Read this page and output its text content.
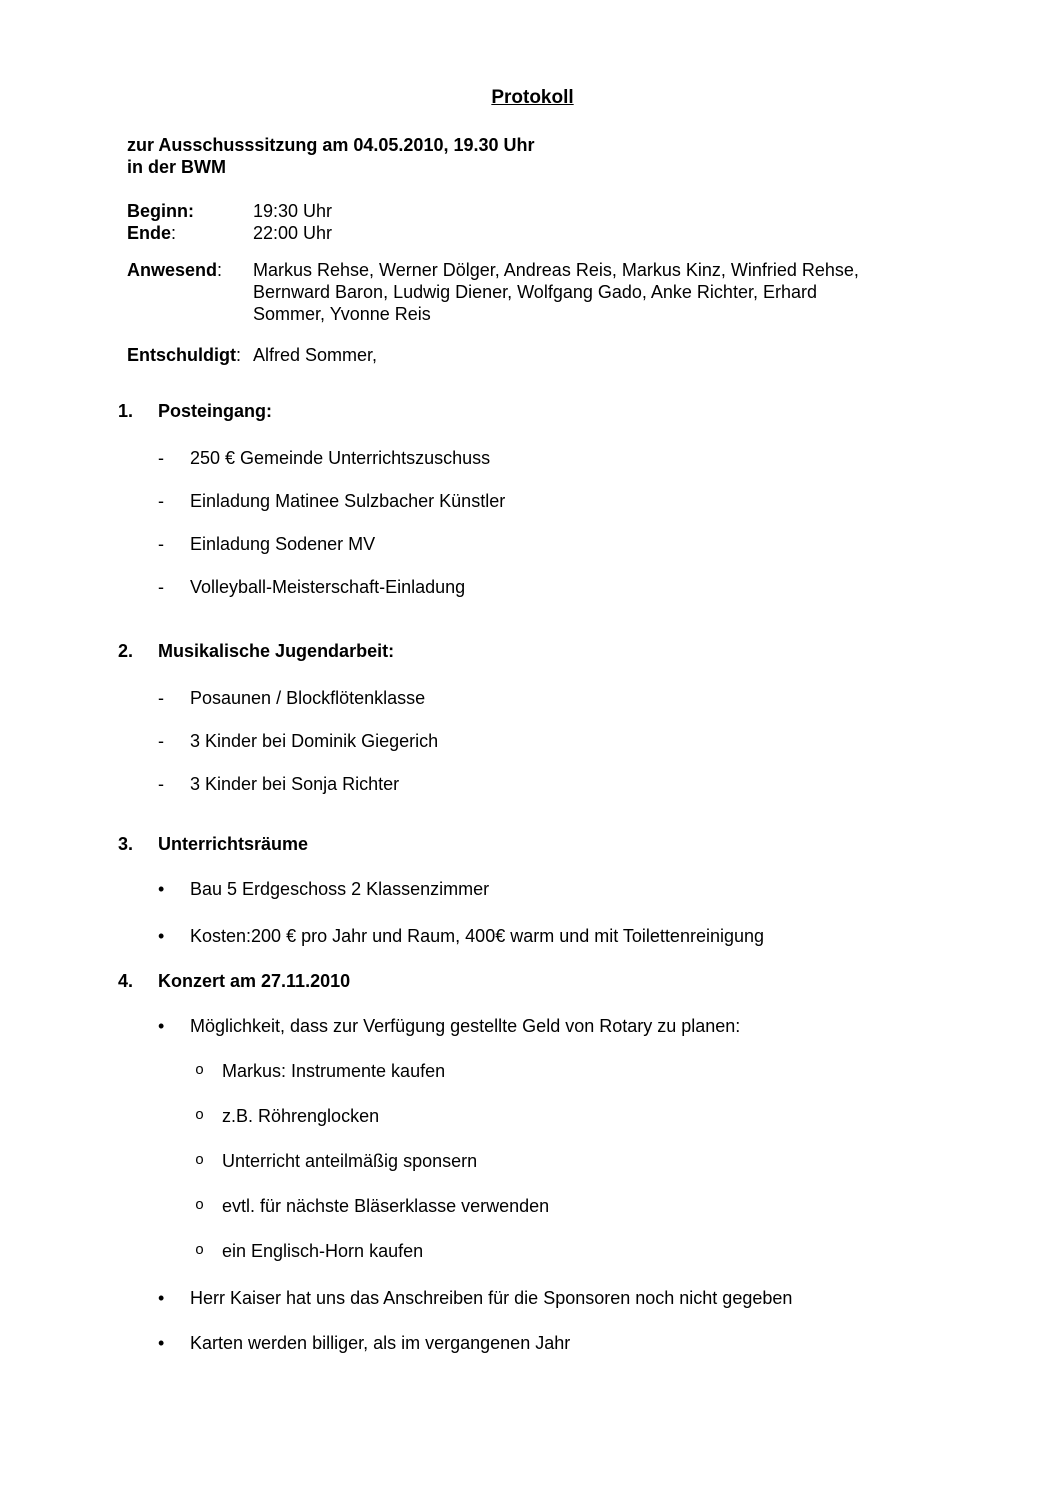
Protokoll
zur Ausschusssitzung am 04.05.2010, 19.30 Uhr
in der BWM
Beginn:	19:30 Uhr
Ende:	22:00 Uhr
Anwesend:	Markus Rehse, Werner Dölger, Andreas Reis, Markus Kinz, Winfried Rehse,
Bernward Baron, Ludwig Diener, Wolfgang Gado, Anke Richter, Erhard
Sommer, Yvonne Reis
Entschuldigt: Alfred Sommer,
1.	Posteingang:
-	250 € Gemeinde Unterrichtszuschuss
-	Einladung Matinee Sulzbacher Künstler
-	Einladung Sodener MV
-	Volleyball-Meisterschaft-Einladung
2.	Musikalische Jugendarbeit:
-	Posaunen / Blockflötenklasse
-	3 Kinder bei Dominik Giegerich
-	3 Kinder bei Sonja Richter
3.	Unterrichtsräume
•	Bau 5 Erdgeschoss 2 Klassenzimmer
•	Kosten:200 € pro Jahr und Raum, 400€ warm und mit Toilettenreinigung
4.	Konzert am 27.11.2010
•	Möglichkeit, dass zur Verfügung gestellte Geld von Rotary zu planen:
o Markus: Instrumente kaufen
o z.B. Röhrenglocken
o Unterricht anteilmäßig sponsern
o evtl. für nächste Bläserklasse verwenden
o ein Englisch-Horn kaufen
•	Herr Kaiser hat uns das Anschreiben für die Sponsoren noch nicht gegeben
•	Karten werden billiger, als im vergangenen Jahr
